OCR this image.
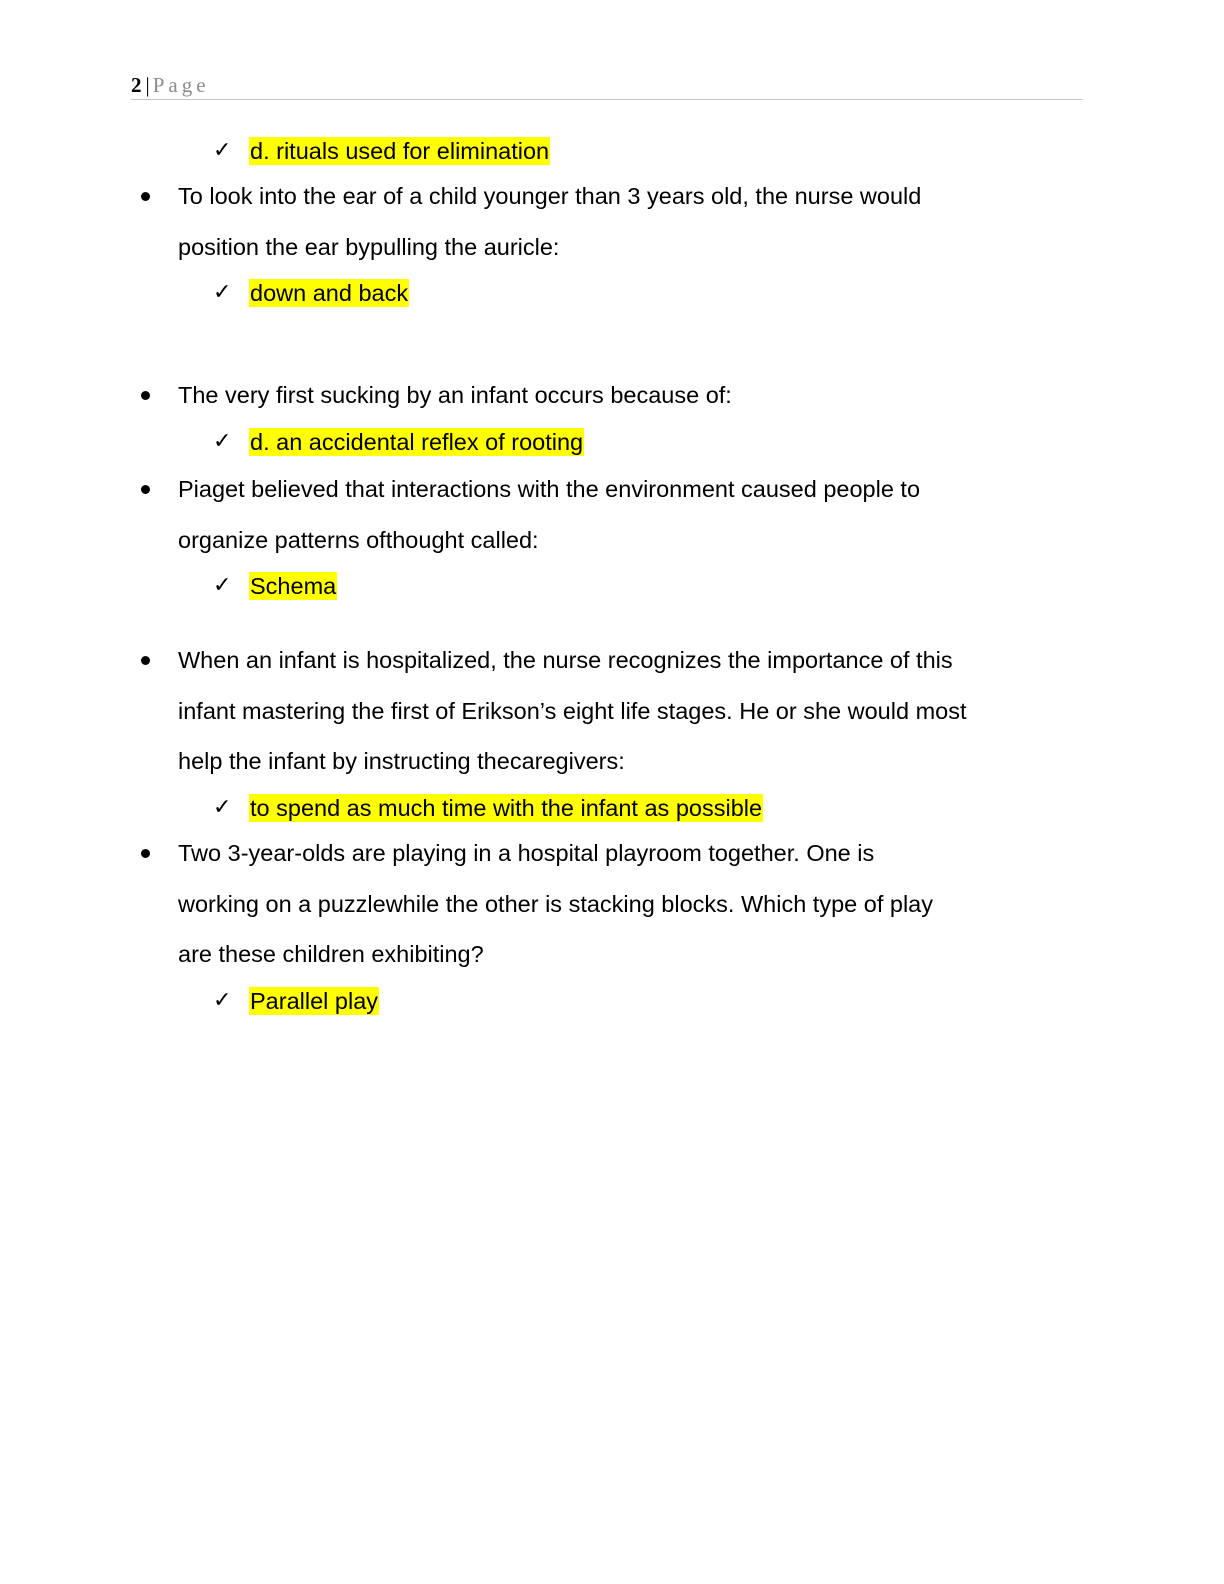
2 | Page
✓ d. rituals used for elimination
To look into the ear of a child younger than 3 years old, the nurse would
position the ear bypulling the auricle:
✓ down and back
The very first sucking by an infant occurs because of:
✓ d. an accidental reflex of rooting
Piaget believed that interactions with the environment caused people to
organize patterns ofthought called:
✓ Schema
When an infant is hospitalized, the nurse recognizes the importance of this
infant mastering the first of Erikson’s eight life stages. He or she would most
help the infant by instructing thecaregivers:
✓ to spend as much time with the infant as possible
Two 3-year-olds are playing in a hospital playroom together. One is
working on a puzzlewhile the other is stacking blocks. Which type of play
are these children exhibiting?
✓ Parallel play
